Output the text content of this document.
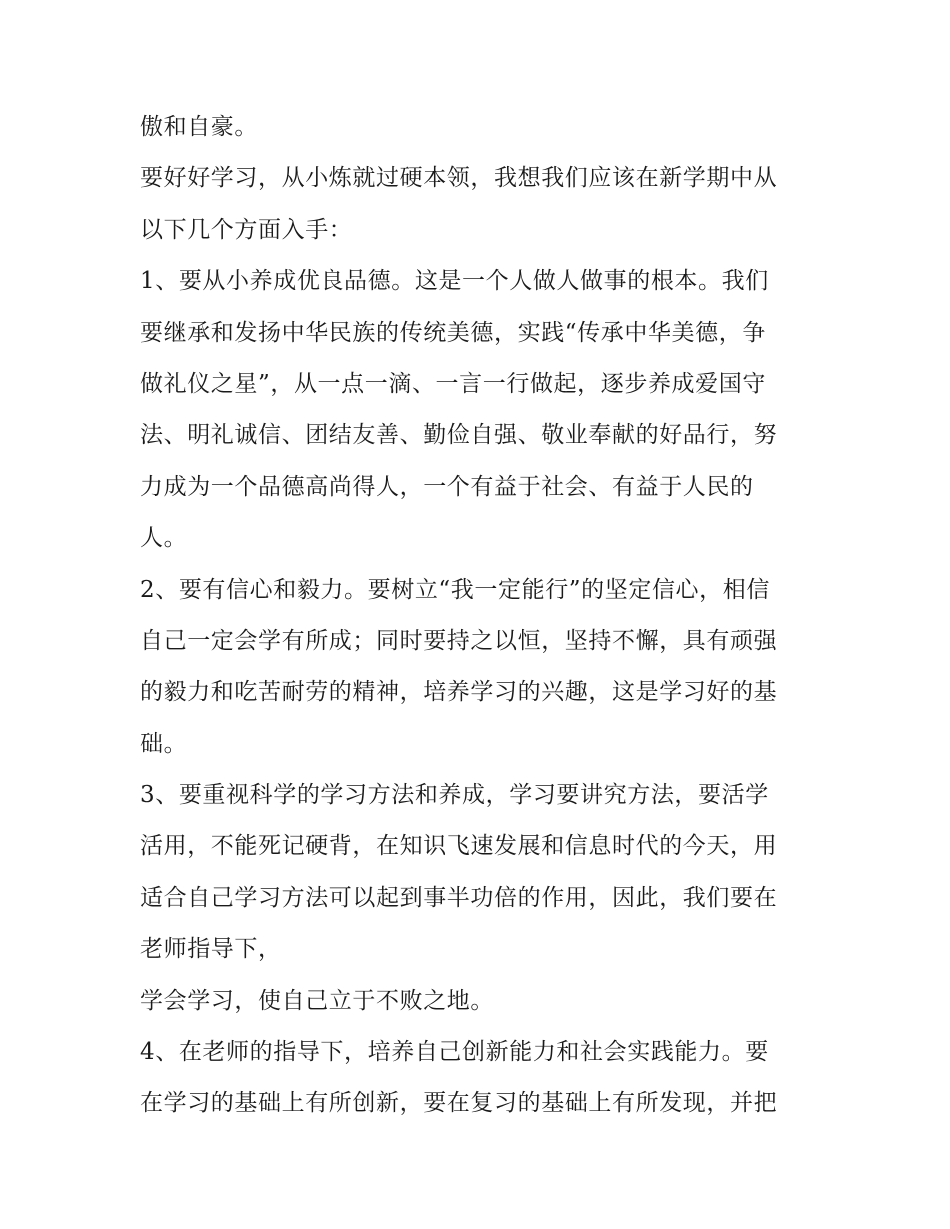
傲和自豪。
要好好学习，从小炼就过硬本领，我想我们应该在新学期中从
以下几个方面入手：
1、要从小养成优良品德。这是一个人做人做事的根本。我们
要继承和发扬中华民族的传统美德，实践“传承中华美德，争
做礼仪之星”，从一点一滴、一言一行做起，逐步养成爱国守
法、明礼诚信、团结友善、勤俭自强、敬业奉献的好品行，努
力成为一个品德高尚得人，一个有益于社会、有益于人民的
人。
2、要有信心和毅力。要树立“我一定能行”的坚定信心，相信
自己一定会学有所成；同时要持之以恒，坚持不懈，具有顽强
的毅力和吃苦耐劳的精神，培养学习的兴趣，这是学习好的基
础。
3、要重视科学的学习方法和养成，学习要讲究方法，要活学
活用，不能死记硬背，在知识飞速发展和信息时代的今天，用
适合自己学习方法可以起到事半功倍的作用，因此，我们要在
老师指导下，
学会学习，使自己立于不败之地。
4、在老师的指导下，培养自己创新能力和社会实践能力。要
在学习的基础上有所创新，要在复习的基础上有所发现，并把
